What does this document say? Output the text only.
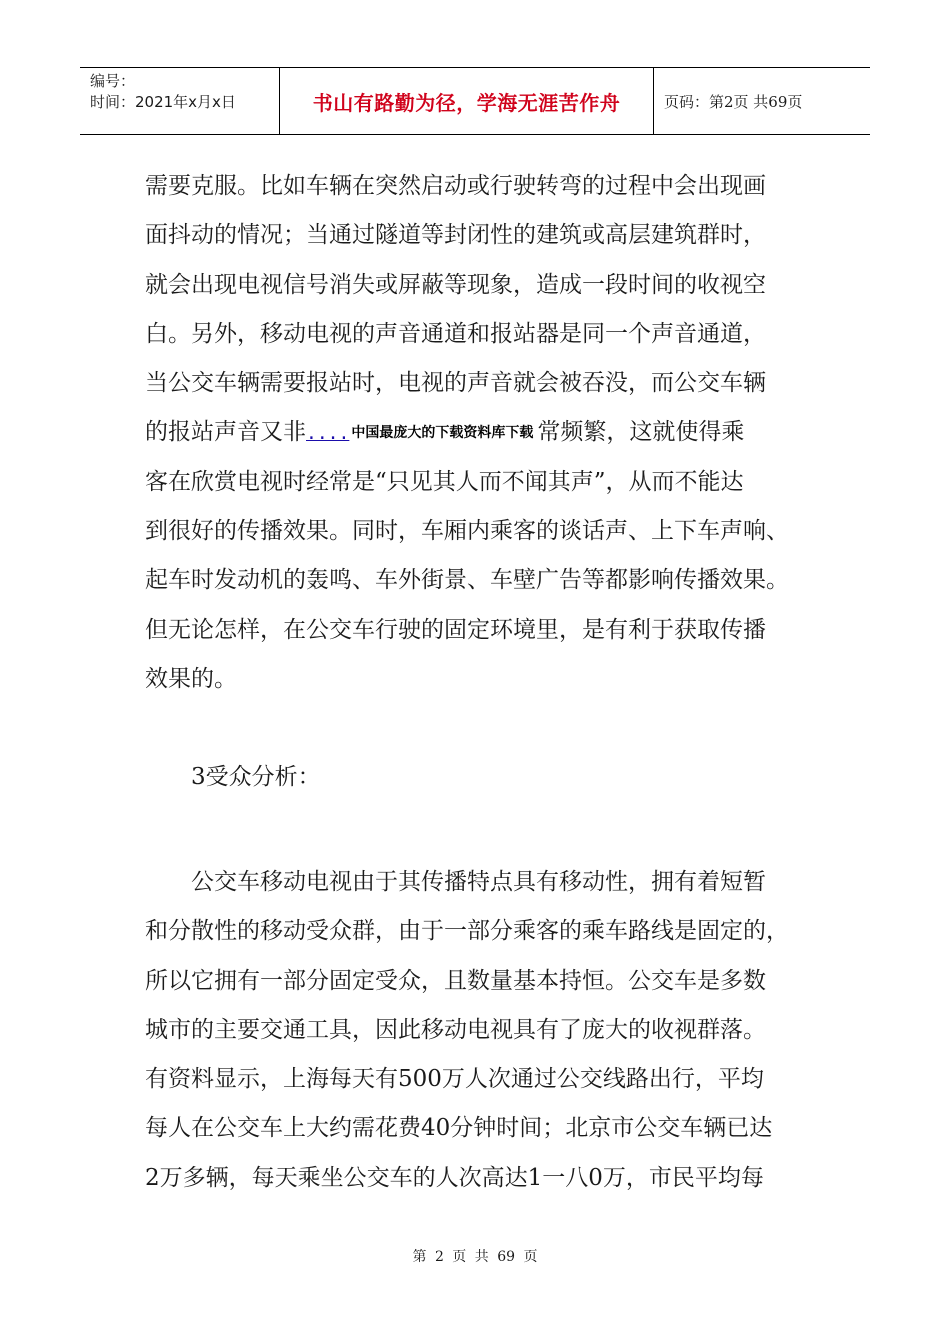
编号：
时间：2021年x月x日	书山有路勤为径，学海无涯苦作舟	页码：第2页 共69页
需要克服。比如车辆在突然启动或行驶转弯的过程中会出现画
面抖动的情况；当通过隧道等封闭性的建筑或高层建筑群时，
就会出现电视信号消失或屏蔽等现象，造成一段时间的收视空
白。另外，移动电视的声音通道和报站器是同一个声音通道，
当公交车辆需要报站时，电视的声音就会被吞没，而公交车辆
的报站声音又非.... 中国最庞大的下载资料库下载 常频繁，这就使得乘
客在欣赏电视时经常是“只见其人而不闻其声”，从而不能达
到很好的传播效果。同时，车厢内乘客的谈话声、上下车声响、
起车时发动机的轰鸣、车外街景、车壁广告等都影响传播效果。
但无论怎样，在公交车行驶的固定环境里，是有利于获取传播
效果的。
3受众分析：
公交车移动电视由于其传播特点具有移动性，拥有着短暂
和分散性的移动受众群，由于一部分乘客的乘车路线是固定的，
所以它拥有一部分固定受众，且数量基本持恒。公交车是多数
城市的主要交通工具，因此移动电视具有了庞大的收视群落。
有资料显示，上海每天有500万人次通过公交线路出行，平均
每人在公交车上大约需花费40分钟时间；北京市公交车辆已达
2万多辆，每天乘坐公交车的人次高达1一八0万，市民平均每
第 2 页 共 69 页
